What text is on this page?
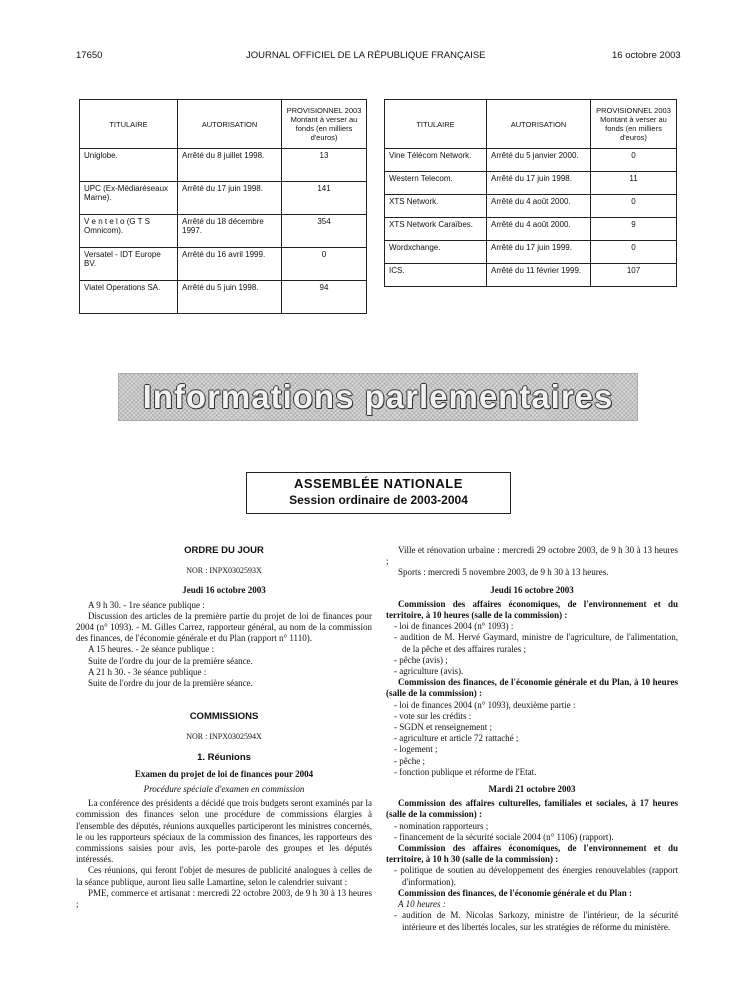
17650	JOURNAL OFFICIEL DE LA RÉPUBLIQUE FRANÇAISE	16 octobre 2003
TITULAIRE	AUTORISATION	PROVISIONNEL 2003 Montant à verser au fonds (en milliers d'euros)
Uniglobe.	Arrêté du 8 juillet 1998.	13
UPC (Ex-Médiaréseaux Marne).	Arrêté du 17 juin 1998.	141
V e n t e l o (G T S Omnicom).	Arrêté du 18 décembre 1997.	354
Versatel - IDT Europe BV.	Arrêté du 16 avril 1999.	0
Viatel Operations SA.	Arrêté du 5 juin 1998.	94
TITULAIRE	AUTORISATION	PROVISIONNEL 2003 Montant à verser au fonds (en milliers d'euros)
Vine Télécom Network.	Arrêté du 5 janvier 2000.	0
Western Telecom.	Arrêté du 17 juin 1998.	11
XTS Network.	Arrêté du 4 août 2000.	0
XTS Network Caraïbes.	Arrêté du 4 août 2000.	9
Wordxchange.	Arrêté du 17 juin 1999.	0
ICS.	Arrêté du 11 février 1999.	107
Informations parlementaires
ASSEMBLÉE NATIONALE
Session ordinaire de 2003-2004

ORDRE DU JOUR

NOR : INPX0302593X

Jeudi 16 octobre 2003

A 9 h 30. - 1re séance publique :

Discussion des articles de la première partie du projet de loi de finances pour 2004 (n° 1093). - M. Gilles Carrez, rapporteur général, au nom de la commission des finances, de l'économie générale et du Plan (rapport n° 1110).

A 15 heures. - 2e séance publique :

Suite de l'ordre du jour de la première séance.

A 21 h 30. - 3e séance publique :

Suite de l'ordre du jour de la première séance.

COMMISSIONS

NOR : INPX0302594X

1. Réunions

Examen du projet de loi de finances pour 2004

Procédure spéciale d'examen en commission

La conférence des présidents a décidé que trois budgets seront examinés par la commission des finances selon une procédure de commissions élargies à l'ensemble des députés, réunions auxquelles participeront les ministres concernés, le ou les rapporteurs spéciaux de la commission des finances, les rapporteurs des commissions saisies pour avis, les porte-parole des groupes et les députés intéressés.

Ces réunions, qui feront l'objet de mesures de publicité analogues à celles de la séance publique, auront lieu salle Lamartine, selon le calendrier suivant :

PME, commerce et artisanat : mercredi 22 octobre 2003, de 9 h 30 à 13 heures ;

Ville et rénovation urbaine : mercredi 29 octobre 2003, de 9 h 30 à 13 heures ;

Sports : mercredi 5 novembre 2003, de 9 h 30 à 13 heures.

Jeudi 16 octobre 2003

Commission des affaires économiques, de l'environnement et du territoire, à 10 heures (salle de la commission) :

- loi de finances 2004 (n° 1093) :

- audition de M. Hervé Gaymard, ministre de l'agriculture, de l'alimentation, de la pêche et des affaires rurales ;

- pêche (avis) ;

- agriculture (avis).

Commission des finances, de l'économie générale et du Plan, à 10 heures (salle de la commission) :

- loi de finances 2004 (n° 1093), deuxième partie :

- vote sur les crédits :

- SGDN et renseignement ;

- agriculture et article 72 rattaché ;

- logement ;

- pêche ;

- fonction publique et réforme de l'Etat.

Mardi 21 octobre 2003

Commission des affaires culturelles, familiales et sociales, à 17 heures (salle de la commission) :

- nomination rapporteurs ;

- financement de la sécurité sociale 2004 (n° 1106) (rapport).

Commission des affaires économiques, de l'environnement et du territoire, à 10 h 30 (salle de la commission) :

- politique de soutien au développement des énergies renouvelables (rapport d'information).

Commission des finances, de l'économie générale et du Plan :

A 10 heures :

- audition de M. Nicolas Sarkozy, ministre de l'intérieur, de la sécurité intérieure et des libertés locales, sur les stratégies de réforme du ministère.
